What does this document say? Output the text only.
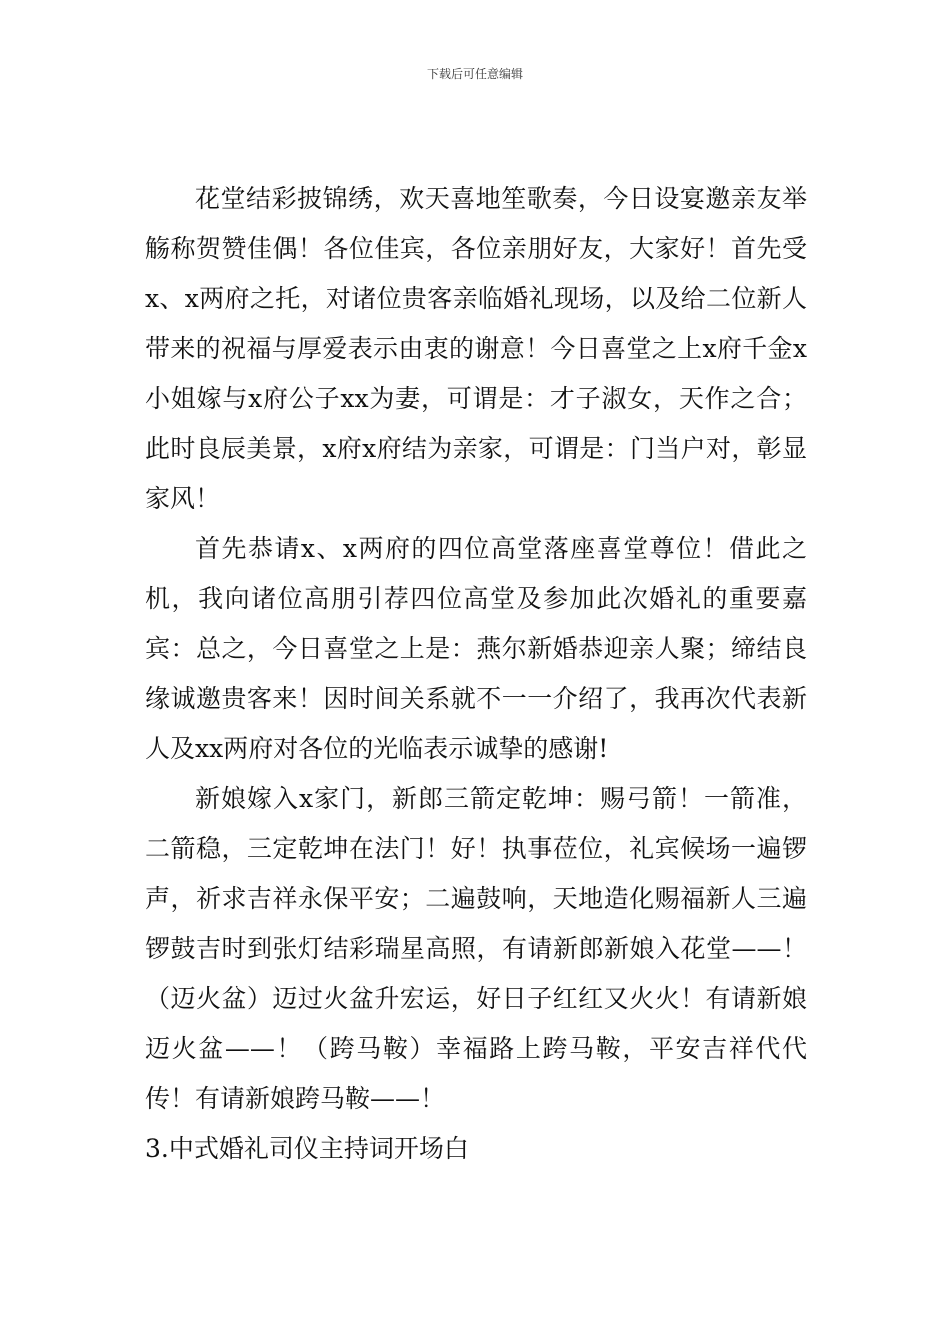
下载后可任意编辑

花堂结彩披锦绣，欢天喜地笙歌奏，今日设宴邀亲友举觞称贺赞佳偶！各位佳宾，各位亲朋好友，大家好！首先受x、x两府之托，对诸位贵客亲临婚礼现场，以及给二位新人带来的祝福与厚爱表示由衷的谢意！今日喜堂之上x府千金x小姐嫁与x府公子xx为妻，可谓是：才子淑女，天作之合；此时良辰美景，x府x府结为亲家，可谓是：门当户对，彰显家风！

首先恭请x、x两府的四位高堂落座喜堂尊位！借此之机，我向诸位高朋引荐四位高堂及参加此次婚礼的重要嘉宾：总之，今日喜堂之上是：燕尔新婚恭迎亲人聚；缔结良缘诚邀贵客来！因时间关系就不一一介绍了，我再次代表新人及xx两府对各位的光临表示诚挚的感谢!

新娘嫁入x家门，新郎三箭定乾坤：赐弓箭！一箭准，二箭稳，三定乾坤在法门！好！执事莅位，礼宾候场一遍锣声，祈求吉祥永保平安；二遍鼓响，天地造化赐福新人三遍锣鼓吉时到张灯结彩瑞星高照，有请新郎新娘入花堂——！（迈火盆）迈过火盆升宏运，好日子红红又火火！有请新娘迈火盆——！（跨马鞍）幸福路上跨马鞍，平安吉祥代代传！有请新娘跨马鞍——！

3.中式婚礼司仪主持词开场白
